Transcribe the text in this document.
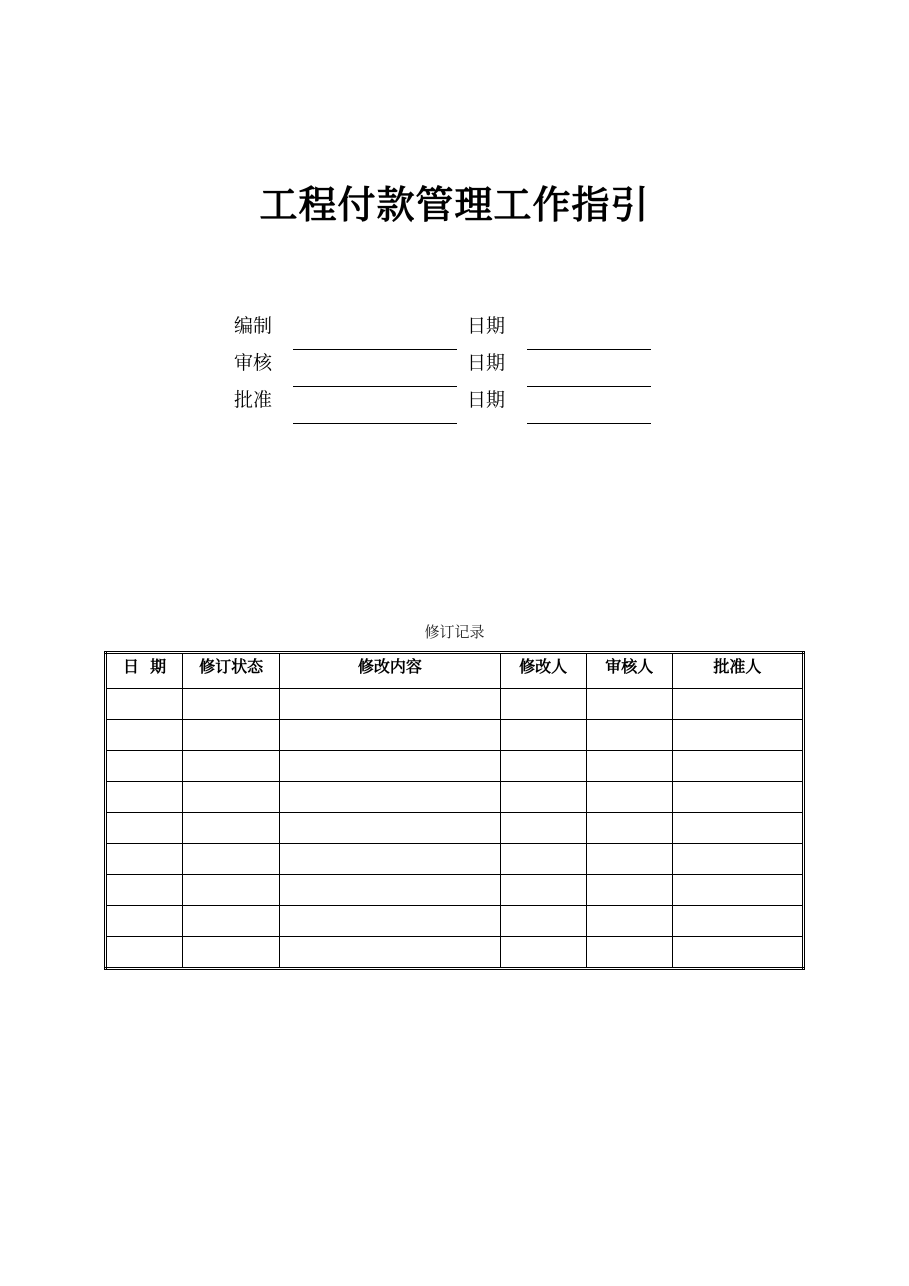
工程付款管理工作指引
编制	日期
审核	日期
批准	日期
修订记录
日  期	修订状态	修改内容	修改人	审核人	批准人
